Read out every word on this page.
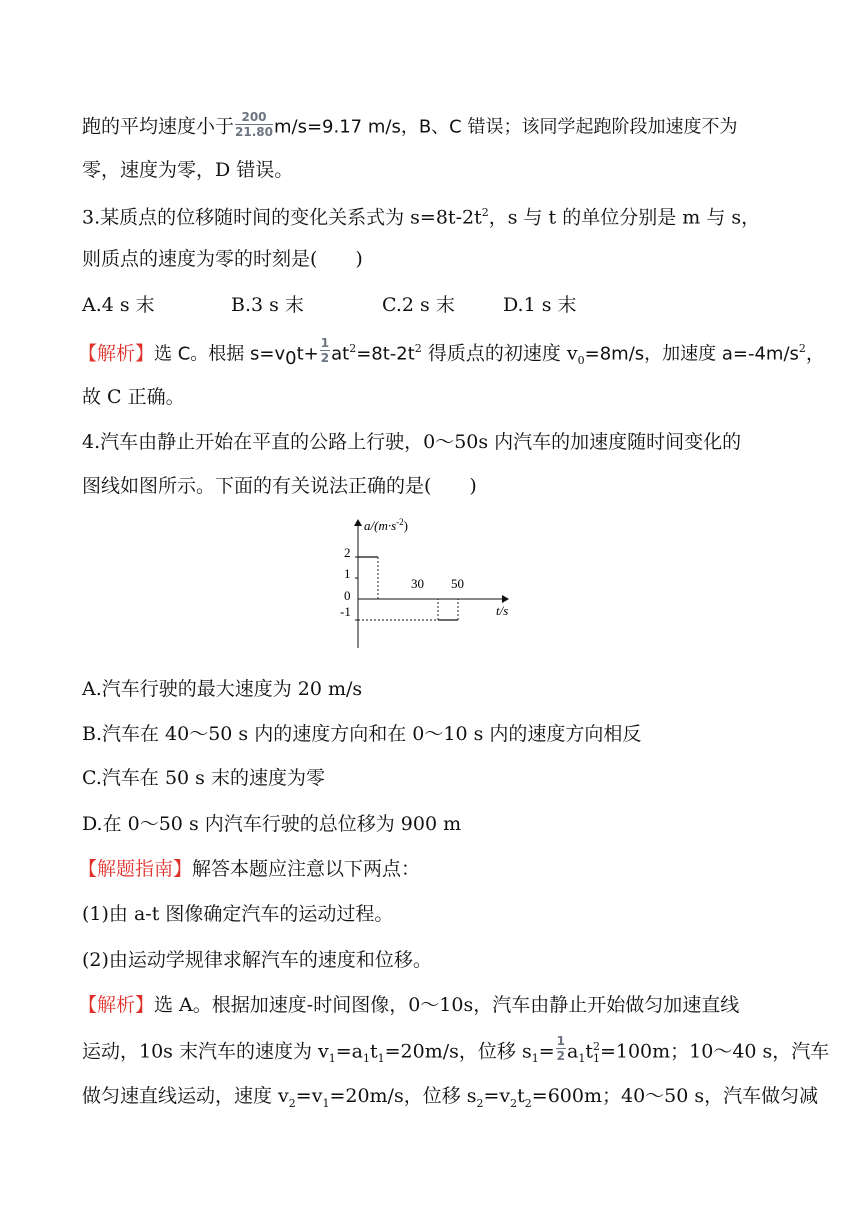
跑的平均速度小于 $\frac{200}{21.80} m/s=9.17$ m/s，B、C 错误；该同学起跑阶段加速度不为
零，速度为零，D 错误。
3.某质点的位移随时间的变化关系式为 $s=8t-2t^2$，s 与 t 的单位分别是 m 与 s，
则质点的速度为零的时刻是(　　)
A.4 s 末	B.3 s 末	C.2 s 末	D.1 s 末
【解析】选 C。根据 $s=v_0t+ \frac{1}{2} at^2=8t-2t^2$ 得质点的初速度 $v_0=8m/s$，加速度 $a=-4m/s^2$，
故 C 正确。
4.汽车由静止开始在平直的公路上行驶，0～50s 内汽车的加速度随时间变化的
图线如图所示。下面的有关说法正确的是(　　)
$a/(m\cdot s^{-2})$
t/s
2
1
0
-1
30 50
A.汽车行驶的最大速度为 20 m/s
B.汽车在 40～50 s 内的速度方向和在 0～10 s 内的速度方向相反
C.汽车在 50 s 末的速度为零
D.在 0～50 s 内汽车行驶的总位移为 900 m
【解题指南】解答本题应注意以下两点：
(1)由 a-t 图像确定汽车的运动过程。
(2)由运动学规律求解汽车的速度和位移。
【解析】选 A。根据加速度-时间图像，0～10s，汽车由静止开始做匀加速直线
运动，10s 末汽车的速度为 $v_1=a_1t_1=20m/s$，位移 $s_1= \frac{1}{2} a_1t^2_1=100m$；10～40 s，汽车
做匀速直线运动，速度 $v_2=v_1=20m/s$，位移 $s_2=v_2t_2=600m$；40～50 s，汽车做匀减
